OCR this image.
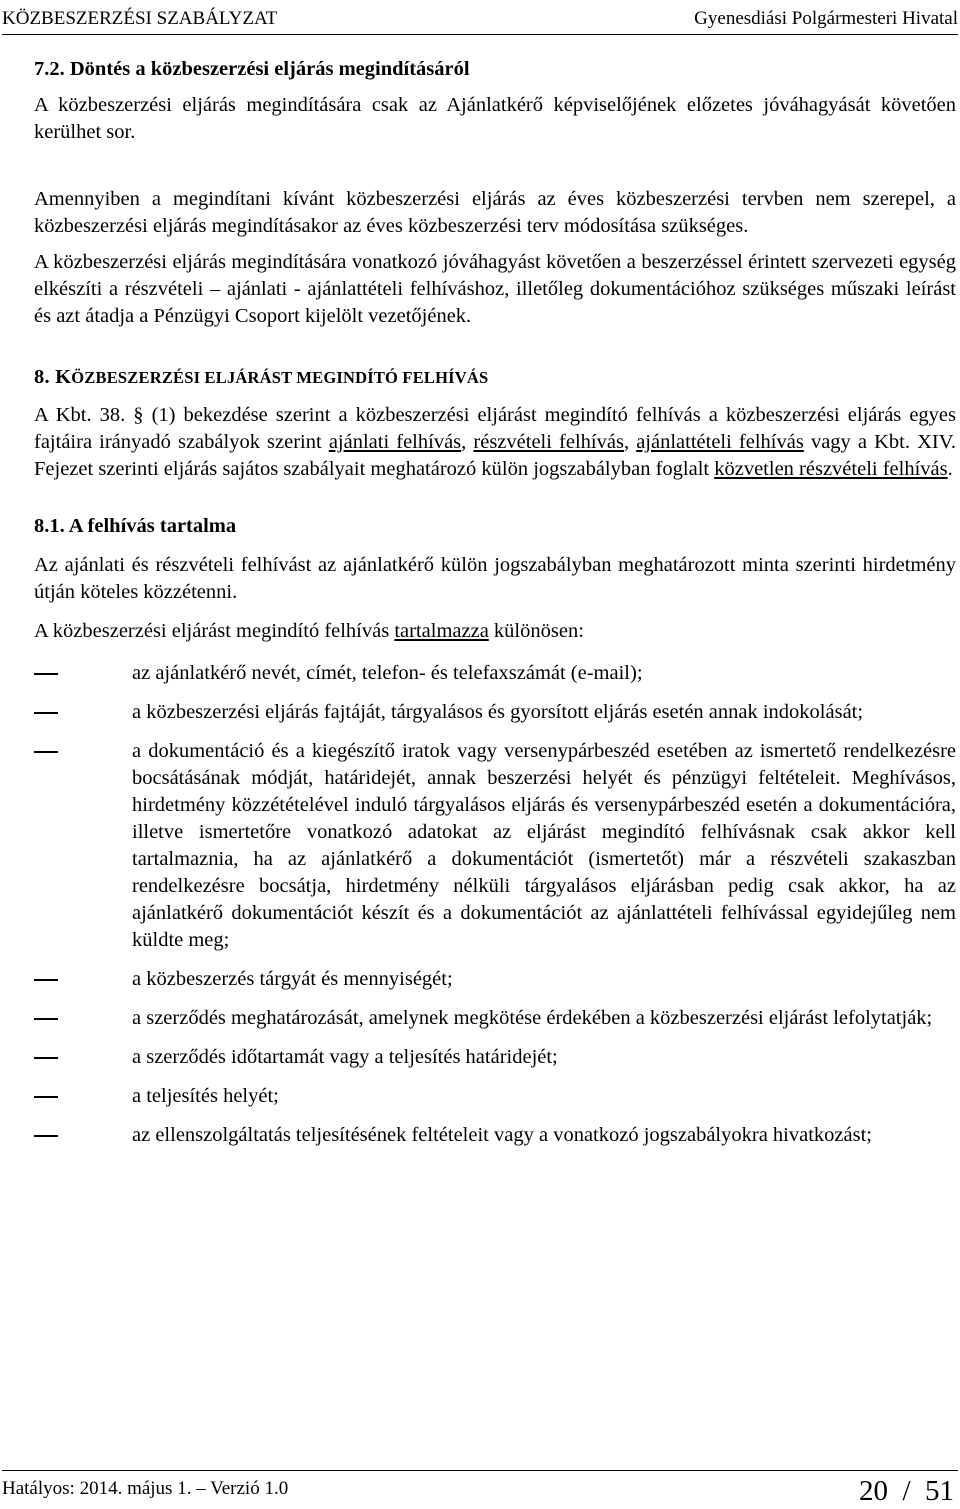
KÖZBESZERZÉSI SZABÁLYZAT	Gyenesdiási Polgármesteri Hivatal
7.2. Döntés a közbeszerzési eljárás megindításáról

A közbeszerzési eljárás megindítására csak az Ajánlatkérő képviselőjének előzetes jóváhagyását követően kerülhet sor.

Amennyiben a megindítani kívánt közbeszerzési eljárás az éves közbeszerzési tervben nem szerepel, a közbeszerzési eljárás megindításakor az éves közbeszerzési terv módosítása szükséges.

A közbeszerzési eljárás megindítására vonatkozó jóváhagyást követően a beszerzéssel érintett szervezeti egység elkészíti a részvételi – ajánlati - ajánlattételi felhíváshoz, illetőleg dokumentációhoz szükséges műszaki leírást és azt átadja a Pénzügyi Csoport kijelölt vezetőjének.

8. KÖZBESZERZÉSI ELJÁRÁST MEGINDÍTÓ FELHÍVÁS

A Kbt. 38. § (1) bekezdése szerint a közbeszerzési eljárást megindító felhívás a közbeszerzési eljárás egyes fajtáira irányadó szabályok szerint ajánlati felhívás, részvételi felhívás, ajánlattételi felhívás vagy a Kbt. XIV. Fejezet szerinti eljárás sajátos szabályait meghatározó külön jogszabályban foglalt közvetlen részvételi felhívás.

8.1. A felhívás tartalma

Az ajánlati és részvételi felhívást az ajánlatkérő külön jogszabályban meghatározott minta szerinti hirdetmény útján köteles közzétenni.

A közbeszerzési eljárást megindító felhívás tartalmazza különösen:

az ajánlatkérő nevét, címét, telefon- és telefaxszámát (e-mail);
a közbeszerzési eljárás fajtáját, tárgyalásos és gyorsított eljárás esetén annak indokolását;
a dokumentáció és a kiegészítő iratok vagy versenypárbeszéd esetében az ismertető rendelkezésre bocsátásának módját, határidejét, annak beszerzési helyét és pénzügyi feltételeit. Meghívásos, hirdetmény közzétételével induló tárgyalásos eljárás és versenypárbeszéd esetén a dokumentációra, illetve ismertetőre vonatkozó adatokat az eljárást megindító felhívásnak csak akkor kell tartalmaznia, ha az ajánlatkérő a dokumentációt (ismertetőt) már a részvételi szakaszban rendelkezésre bocsátja, hirdetmény nélküli tárgyalásos eljárásban pedig csak akkor, ha az ajánlatkérő dokumentációt készít és a dokumentációt az ajánlattételi felhívással egyidejűleg nem küldte meg;
a közbeszerzés tárgyát és mennyiségét;
a szerződés meghatározását, amelynek megkötése érdekében a közbeszerzési eljárást lefolytatják;
a szerződés időtartamát vagy a teljesítés határidejét;
a teljesítés helyét;
az ellenszolgáltatás teljesítésének feltételeit vagy a vonatkozó jogszabályokra hivatkozást;
Hatályos: 2014. május 1. – Verzió 1.0	20  /  51
